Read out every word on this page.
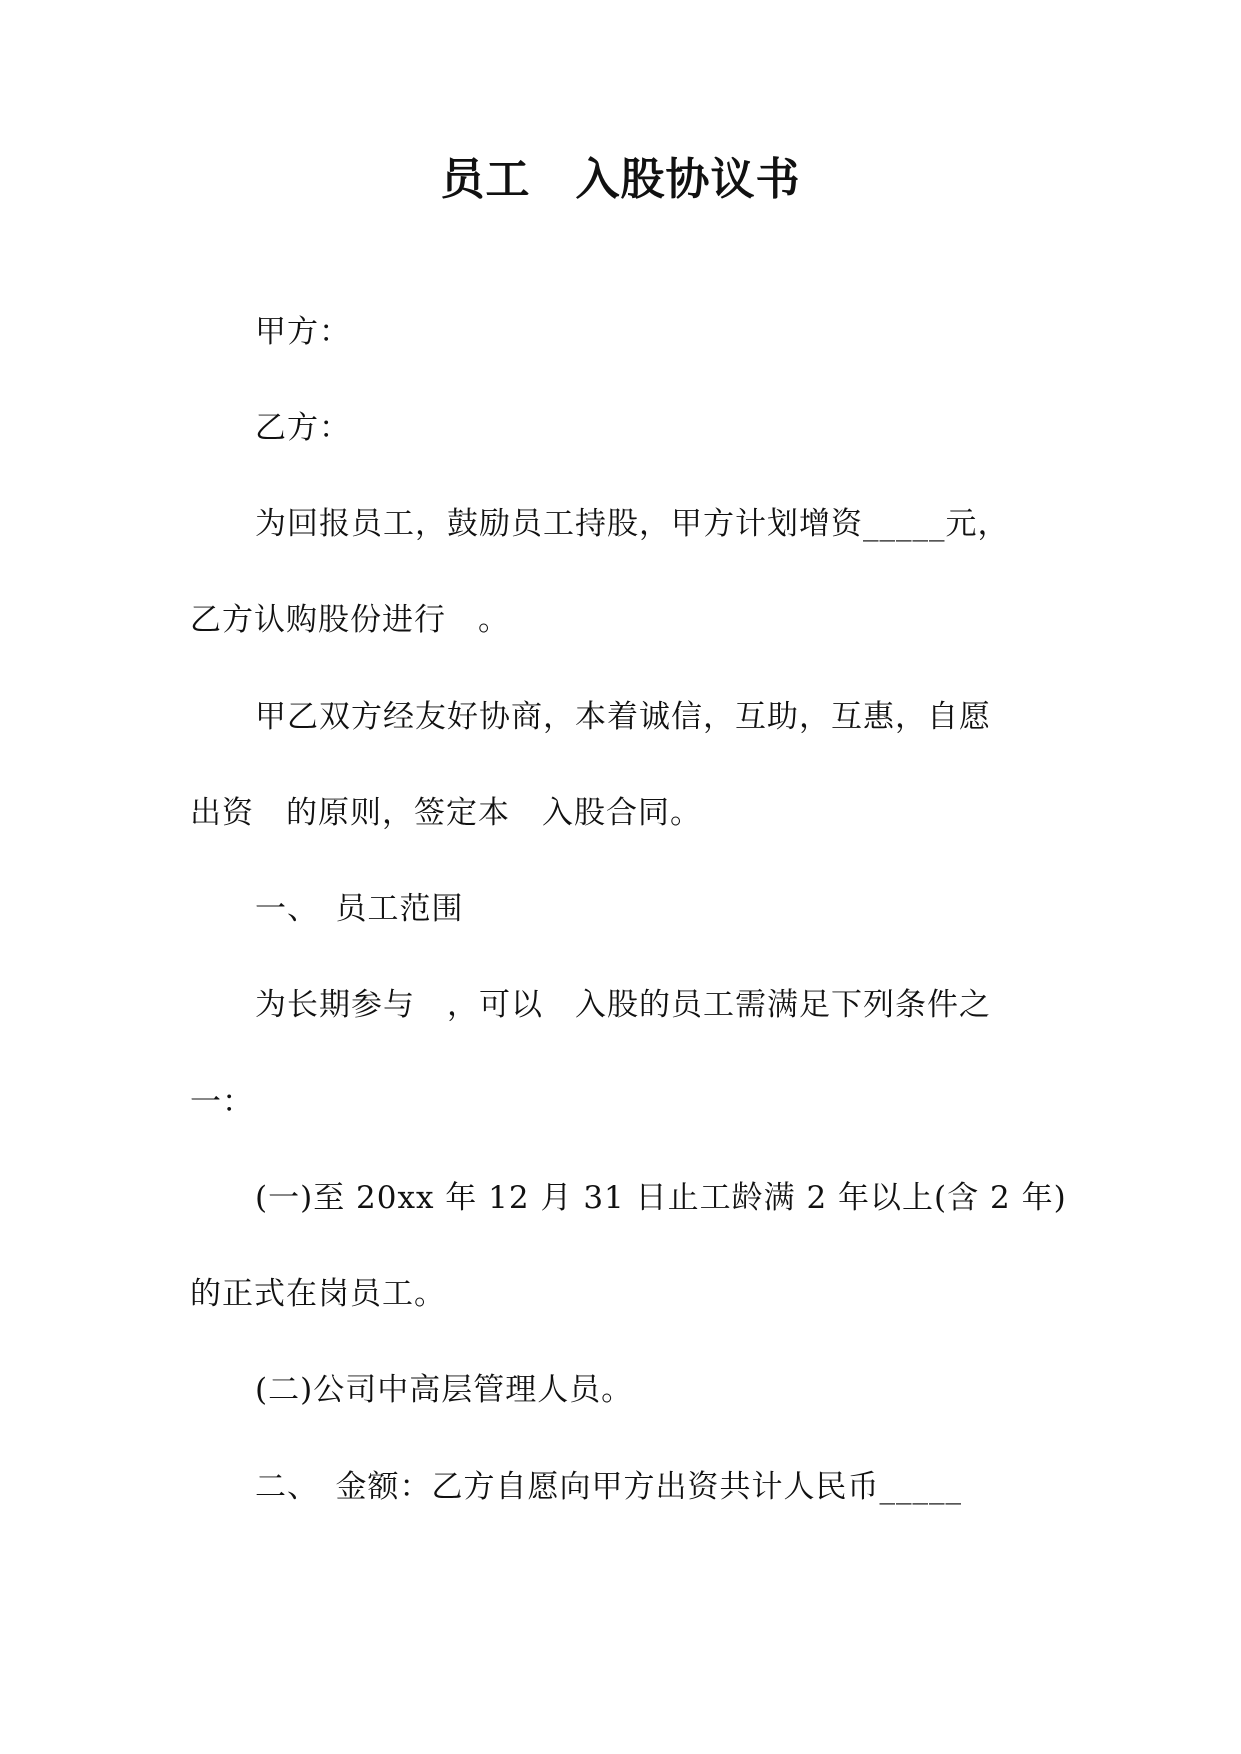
员工　入股协议书
甲方：
乙方：
为回报员工，鼓励员工持股，甲方计划增资_____元，
乙方认购股份进行　。
甲乙双方经友好协商，本着诚信，互助，互惠，自愿
出资　的原则，签定本　入股合同。
一、　员工范围
为长期参与　，可以　入股的员工需满足下列条件之
一：
(一)至 20xx 年 12 月 31 日止工龄满 2 年以上(含 2 年)
的正式在岗员工。
(二)公司中高层管理人员。
二、　金额：乙方自愿向甲方出资共计人民币_____
